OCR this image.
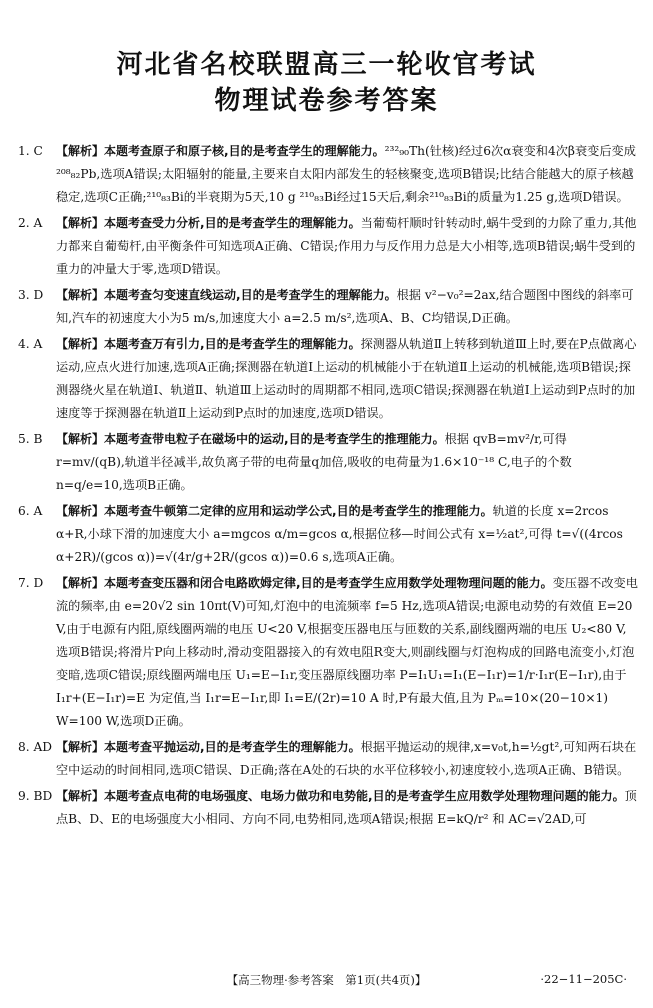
河北省名校联盟高三一轮收官考试
物理试卷参考答案
1. C	【解析】本题考查原子和原子核,目的是考查学生的理解能力。²³²₉₀Th(钍核)经过6次α衰变和4次β衰变后变成²⁰⁸₈₂Pb,选项A错误;太阳辐射的能量,主要来自太阳内部发生的轻核聚变,选项B错误;比结合能越大的原子核越稳定,选项C正确;²¹⁰₈₃Bi的半衰期为5天,10 g ²¹⁰₈₃Bi经过15天后,剩余²¹⁰₈₃Bi的质量为1.25 g,选项D错误。
2. A	【解析】本题考查受力分析,目的是考查学生的理解能力。当葡萄杆顺时针转动时,蜗牛受到的力除了重力,其他力都来自葡萄杆,由平衡条件可知选项A正确、C错误;作用力与反作用力总是大小相等,选项B错误;蜗牛受到的重力的冲量大于零,选项D错误。
3. D	【解析】本题考查匀变速直线运动,目的是考查学生的理解能力。根据 v²−v₀²=2ax,结合题图中图线的斜率可知,汽车的初速度大小为5 m/s,加速度大小 a=2.5 m/s²,选项A、B、C均错误,D正确。
4. A	【解析】本题考查万有引力,目的是考查学生的理解能力。探测器从轨道Ⅱ上转移到轨道Ⅲ上时,要在P点做离心运动,应点火进行加速,选项A正确;探测器在轨道Ⅰ上运动的机械能小于在轨道Ⅱ上运动的机械能,选项B错误;探测器绕火星在轨道Ⅰ、轨道Ⅱ、轨道Ⅲ上运动时的周期都不相同,选项C错误;探测器在轨道Ⅰ上运动到P点时的加速度等于探测器在轨道Ⅱ上运动到P点时的加速度,选项D错误。
5. B	【解析】本题考查带电粒子在磁场中的运动,目的是考查学生的推理能力。根据 qvB=mv²/r,可得 r=mv/(qB),轨道半径减半,故负离子带的电荷量q加倍,吸收的电荷量为1.6×10⁻¹⁸ C,电子的个数 n=q/e=10,选项B正确。
6. A	【解析】本题考查牛顿第二定律的应用和运动学公式,目的是考查学生的推理能力。轨道的长度 x=2rcos α+R,小球下滑的加速度大小 a=mgcos α/m=gcos α,根据位移—时间公式有 x=½at²,可得 t=√((4rcos α+2R)/(gcos α))=√(4r/g+2R/(gcos α))=0.6 s,选项A正确。
7. D	【解析】本题考查变压器和闭合电路欧姆定律,目的是考查学生应用数学处理物理问题的能力。变压器不改变电流的频率,由 e=20√2 sin 10πt(V)可知,灯泡中的电流频率 f=5 Hz,选项A错误;电源电动势的有效值 E=20 V,由于电源有内阻,原线圈两端的电压 U<20 V,根据变压器电压与匝数的关系,副线圈两端的电压 U₂<80 V,选项B错误;将滑片P向上移动时,滑动变阻器接入的有效电阻R变大,则副线圈与灯泡构成的回路电流变小,灯泡变暗,选项C错误;原线圈两端电压 U₁=E−I₁r,变压器原线圈功率 P=I₁U₁=I₁(E−I₁r)=1/r·I₁r(E−I₁r),由于 I₁r+(E−I₁r)=E 为定值,当 I₁r=E−I₁r,即 I₁=E/(2r)=10 A 时,P有最大值,且为 Pₘ=10×(20−10×1) W=100 W,选项D正确。
8. AD 【解析】本题考查平抛运动,目的是考查学生的理解能力。根据平抛运动的规律,x=v₀t,h=½gt²,可知两石块在空中运动的时间相同,选项C错误、D正确;落在A处的石块的水平位移较小,初速度较小,选项A正确、B错误。
9. BD 【解析】本题考查点电荷的电场强度、电场力做功和电势能,目的是考查学生应用数学处理物理问题的能力。顶点B、D、E的电场强度大小相同、方向不同,电势相同,选项A错误;根据 E=kQ/r² 和 AC=√2AD,可
【高三物理·参考答案　第1页(共4页)】	·22−11−205C·
